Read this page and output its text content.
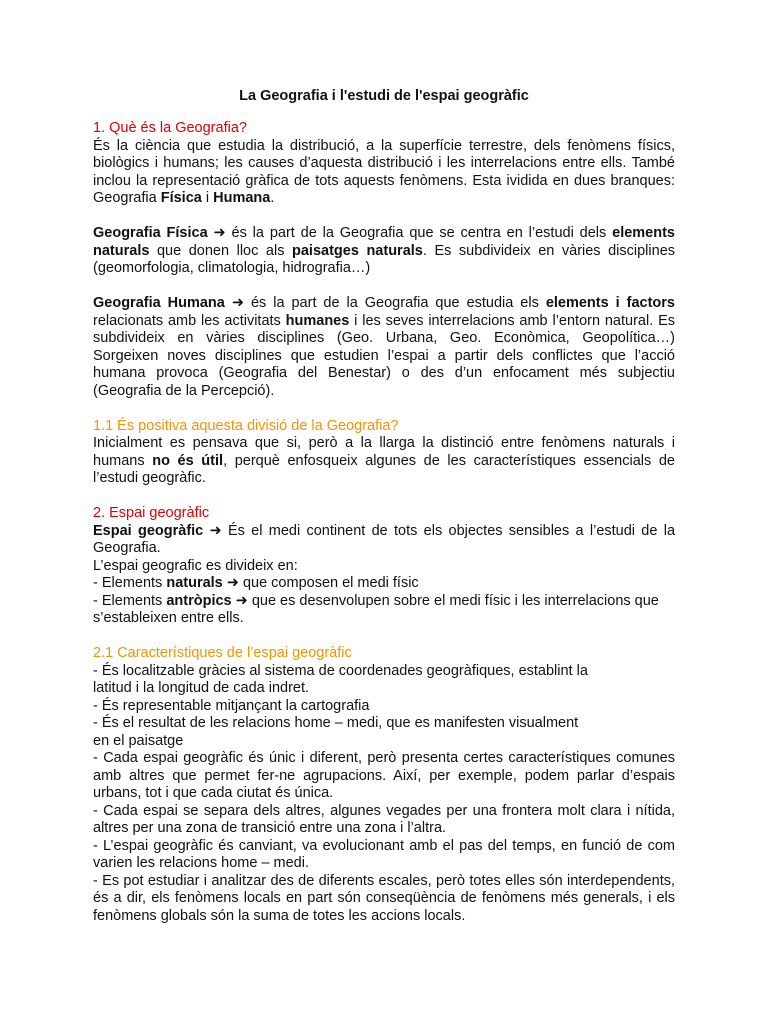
La Geografia i l'estudi de l'espai geogràfic
1. Què és la Geografia?

És la ciència que estudia la distribució, a la superfície terrestre, dels fenòmens físics, biològics i humans; les causes d’aquesta distribució i les interrelacions entre ells. També inclou la representació gràfica de tots aquests fenòmens. Esta ividida en dues branques: Geografia Física i Humana.

Geografia Física ➜ és la part de la Geografia que se centra en l’estudi dels elements naturals que donen lloc als paisatges naturals. Es subdivideix en vàries disciplines (geomorfologia, climatologia, hidrografia…)

Geografia Humana ➜ és la part de la Geografia que estudia els elements i factors relacionats amb les activitats humanes i les seves interrelacions amb l’entorn natural. Es subdivideix en vàries disciplines (Geo. Urbana, Geo. Econòmica, Geopolítica…) Sorgeixen noves disciplines que estudien l’espai a partir dels conflictes que l’acció humana provoca (Geografia del Benestar) o des d’un enfocament més subjectiu (Geografia de la Percepció).

1.1 És positiva aquesta divisió de la Geografia?

Inicialment es pensava que si, però a la llarga la distinció entre fenòmens naturals i humans no és útil, perquè enfosqueix algunes de les característiques essencials de l’estudi geogràfic.

2. Espai geogràfic

Espai geogràfic ➜ És el medi continent de tots els objectes sensibles a l’estudi de la Geografia.

L’espai geografic es divideix en:

- Elements naturals ➜ que composen el medi físic

- Elements antròpics ➜ que es desenvolupen sobre el medi físic i les interrelacions que s’estableixen entre ells.

2.1 Característiques de l’espai geogràfic

- És localitzable gràcies al sistema de coordenades geogràfiques, establint la
latitud i la longitud de cada indret.

- És representable mitjançant la cartografia

- És el resultat de les relacions home – medi, que es manifesten visualment
en el paisatge

- Cada espai geogràfic és únic i diferent, però presenta certes característiques comunes amb altres que permet fer-ne agrupacions. Així, per exemple, podem parlar d’espais urbans, tot i que cada ciutat és única.

- Cada espai se separa dels altres, algunes vegades per una frontera molt clara i nítida, altres per una zona de transició entre una zona i l’altra.

- L’espai geogràfic és canviant, va evolucionant amb el pas del temps, en funció de com varien les relacions home – medi.

- Es pot estudiar i analitzar des de diferents escales, però totes elles són interdependents, és a dir, els fenòmens locals en part són conseqüència de fenòmens més generals, i els fenòmens globals són la suma de totes les accions locals.
